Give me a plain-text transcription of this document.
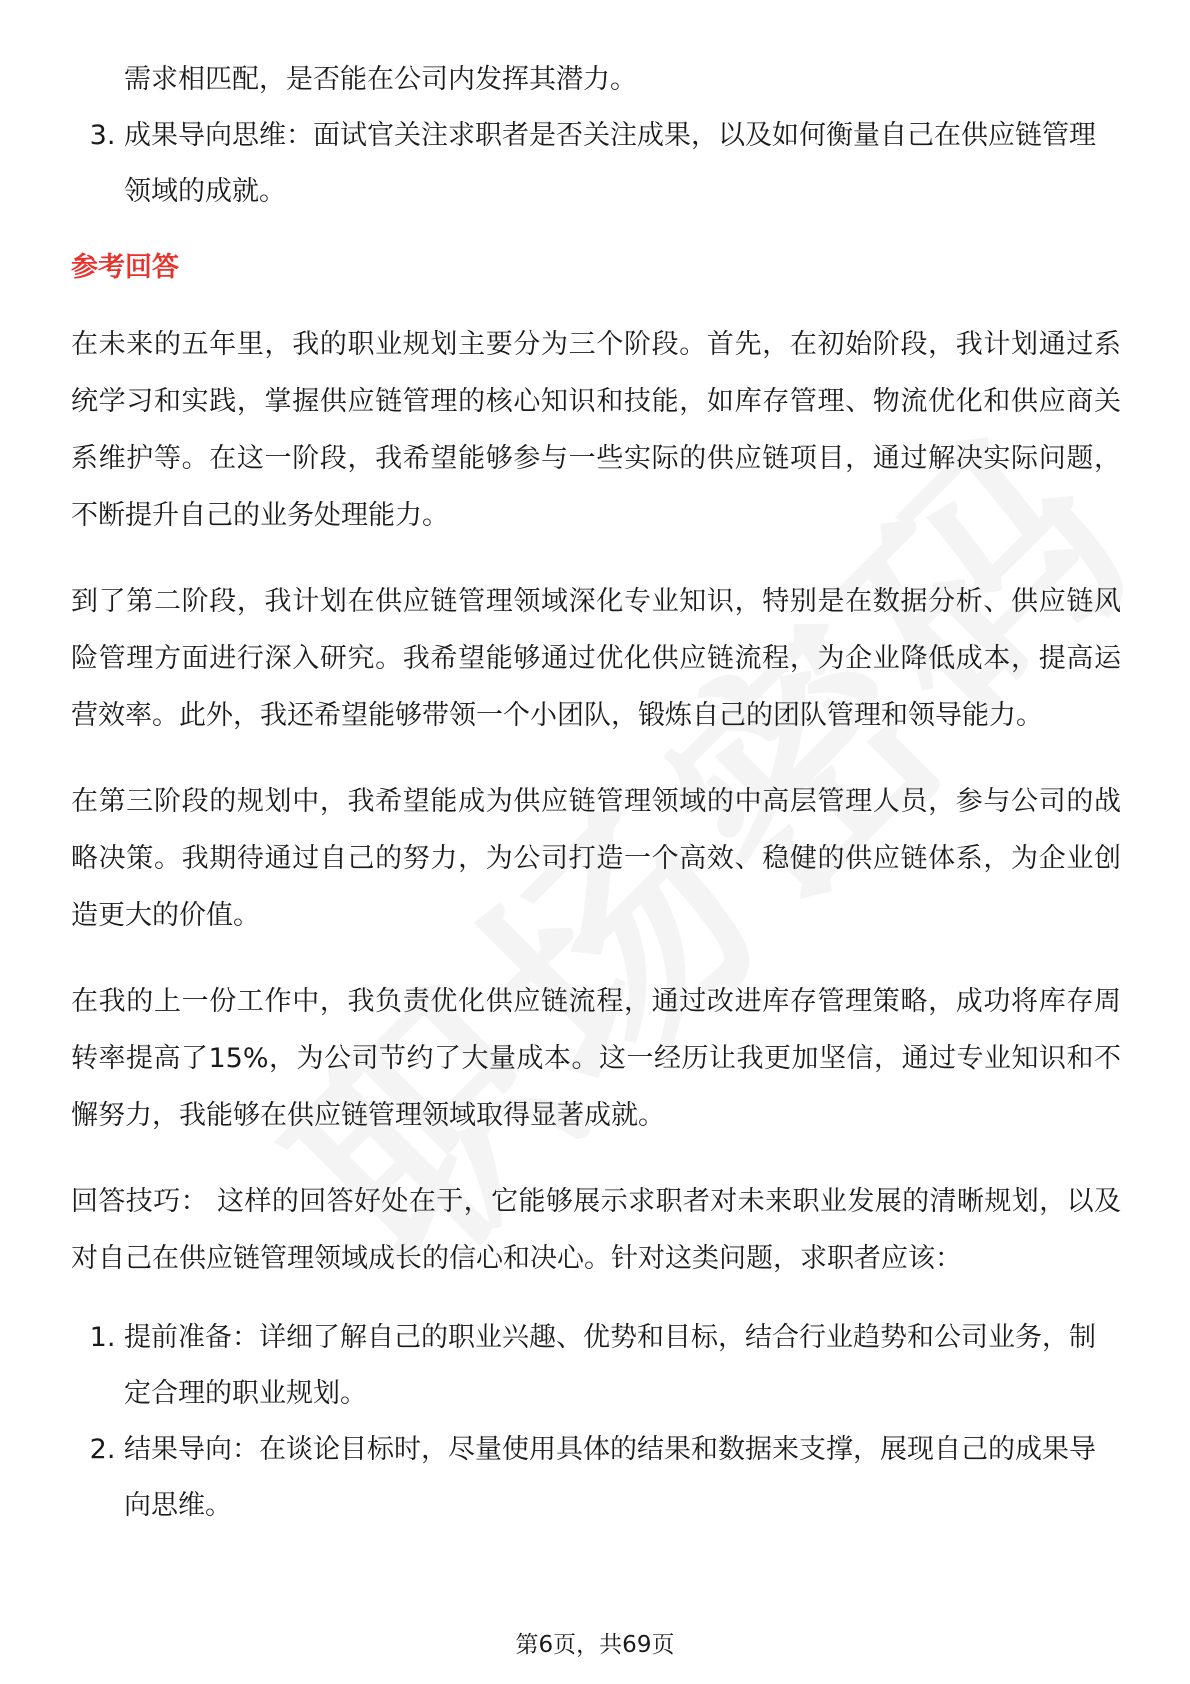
需求相匹配，是否能在公司内发挥其潜力。

3. 成果导向思维：面试官关注求职者是否关注成果，以及如何衡量自己在供应链管理领域的成就。
参考回答

在未来的五年里，我的职业规划主要分为三个阶段。首先，在初始阶段，我计划通过系统学习和实践，掌握供应链管理的核心知识和技能，如库存管理、物流优化和供应商关系维护等。在这一阶段，我希望能够参与一些实际的供应链项目，通过解决实际问题，不断提升自己的业务处理能力。

到了第二阶段，我计划在供应链管理领域深化专业知识，特别是在数据分析、供应链风险管理方面进行深入研究。我希望能够通过优化供应链流程，为企业降低成本，提高运营效率。此外，我还希望能够带领一个小团队，锻炼自己的团队管理和领导能力。

在第三阶段的规划中，我希望能成为供应链管理领域的中高层管理人员，参与公司的战略决策。我期待通过自己的努力，为公司打造一个高效、稳健的供应链体系，为企业创造更大的价值。

在我的上一份工作中，我负责优化供应链流程，通过改进库存管理策略，成功将库存周转率提高了15%，为公司节约了大量成本。这一经历让我更加坚信，通过专业知识和不懈努力，我能够在供应链管理领域取得显著成就。

回答技巧： 这样的回答好处在于，它能够展示求职者对未来职业发展的清晰规划，以及对自己在供应链管理领域成长的信心和决心。针对这类问题，求职者应该：

1. 提前准备：详细了解自己的职业兴趣、优势和目标，结合行业趋势和公司业务，制定合理的职业规划。
2. 结果导向：在谈论目标时，尽量使用具体的结果和数据来支撑，展现自己的成果导向思维。
第6页，共69页
